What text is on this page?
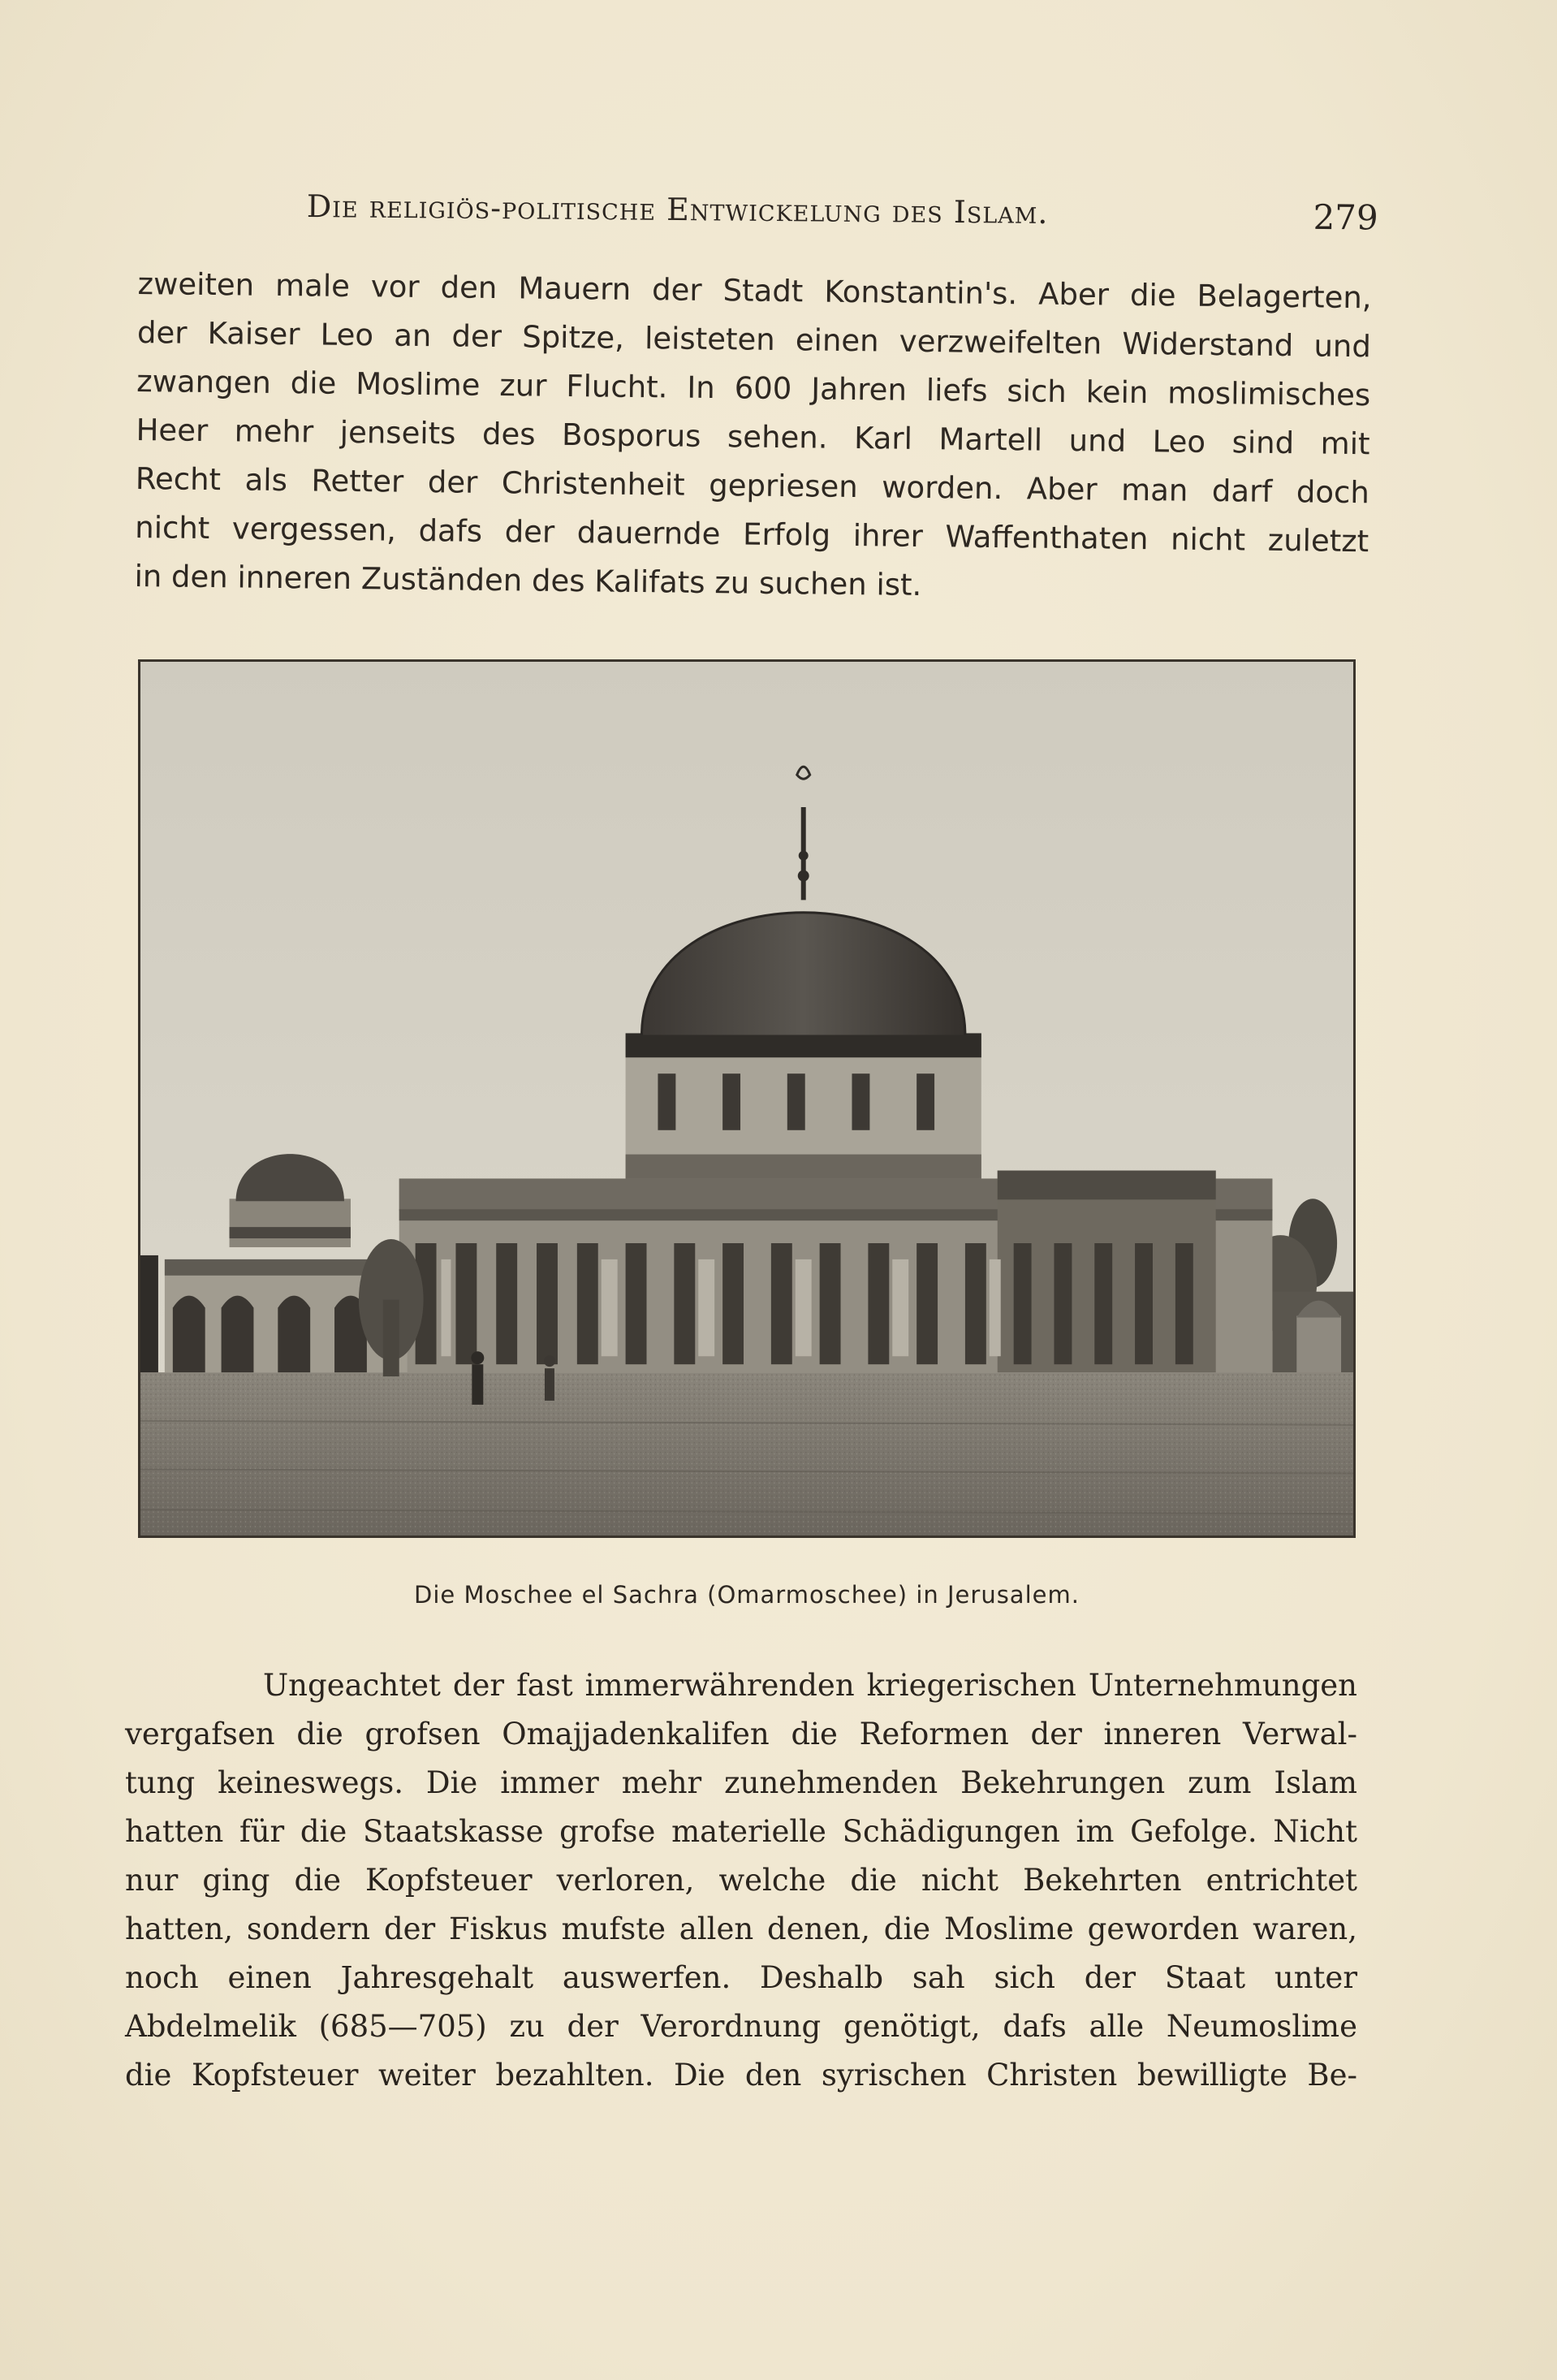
Die religiös-politische Entwickelung des Islam.	279
zweiten male vor den Mauern der Stadt Konstantin's. Aber die Belagerten,
der Kaiser Leo an der Spitze, leisteten einen verzweifelten Widerstand und
zwangen die Moslime zur Flucht. In 600 Jahren liefs sich kein moslimisches
Heer mehr jenseits des Bosporus sehen. Karl Martell und Leo sind mit
Recht als Retter der Christenheit gepriesen worden. Aber man darf doch
nicht vergessen, dafs der dauernde Erfolg ihrer Waffenthaten nicht zuletzt
in den inneren Zuständen des Kalifats zu suchen ist.
Die Moschee el Sachra (Omarmoschee) in Jerusalem.
Ungeachtet der fast immerwährenden kriegerischen Unternehmungen
vergafsen die grofsen Omajjadenkalifen die Reformen der inneren Verwal-
tung keineswegs. Die immer mehr zunehmenden Bekehrungen zum Islam
hatten für die Staatskasse grofse materielle Schädigungen im Gefolge. Nicht
nur ging die Kopfsteuer verloren, welche die nicht Bekehrten entrichtet
hatten, sondern der Fiskus mufste allen denen, die Moslime geworden waren,
noch einen Jahresgehalt auswerfen. Deshalb sah sich der Staat unter
Abdelmelik (685—705) zu der Verordnung genötigt, dafs alle Neumoslime
die Kopfsteuer weiter bezahlten. Die den syrischen Christen bewilligte Be-
